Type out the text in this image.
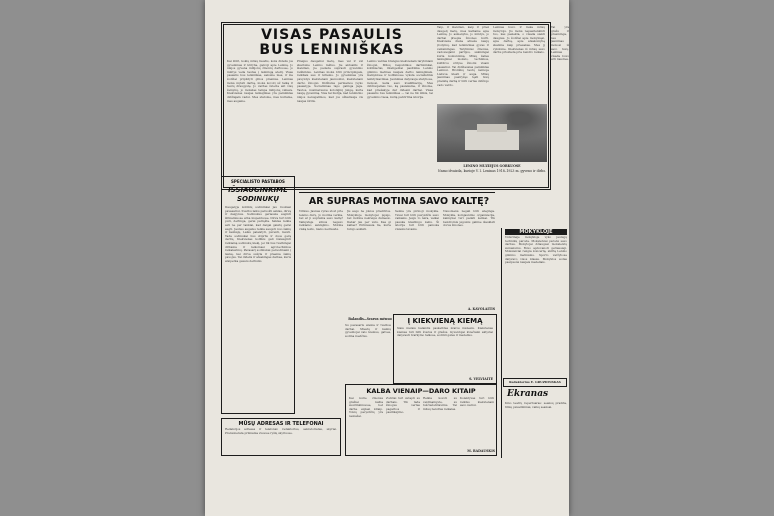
VISAS PASAULIS
BUS LENINIŠKAS
Kai žiūri, kokių mūsų liaudis, koks didelis jos gyvenimas ir kūryba, galvoji apie Leniną. Jo idėjos gyvena milijonų žmonių darbuose, jo mintys veda tautas į laimingą ateitį. Visas pasaulis bus leniniškas, sakome mes, ir šie žodžiai pripildyti gilios prasmės. Leninas mokė mylėti darbą, mokė kovoti už taiką ir tautų draugystę. Jo vardas šviečia ant visų žemynų, jo mokslas tampa milijonų vėliava. Kiekvienas naujas laimėjimas yra paminklas didžiajam vadui. Mes statome, mes kuriame, mes augame.
Praėjus daugeliui metų, mes vėl ir vėl skaitome Lenino raštus. Jie aktualūs ir šiandien, jie padeda suprasti gyvenimo reiškinius. Leninas mokė būti principingais, reikliais sau ir kitiems. Jo gyvenimas yra pavyzdys kiekvienam jaunuoliui, kiekvienam darbo žmogui. Didžiulės permainos įvyko pasaulyje. Socializmas tapo galinga jėga. Tautos, nusimetusios kolonijinį jungą, kuria naują gyvenimą. Visa tai liudija, kad leninizmo idėjos nenugalimos, kad jos užkariauja vis naujas širdis.
Lenino vardas brangus kiekvienam tarybiniam žmogui. Mūsų respublikos darbininkai, kolūkiečiai, inteligentai pasitinka Lenino gimimo metines naujais darbo laimėjimais. Gamyklose ir kolūkiuose vyksta socialistinis lenktyniavimas. Jaunimas dalyvauja statybose, mokosi, kelia savo kvalifikaciją. Mes didžiuojamės tuo, ką pasiekėme, ir žinome, kad priešakyje dar didesni darbai. Visas pasaulis bus leniniškas — tai ne tik šūkis, tai gyvenimo tiesa, kurią patvirtina istorija.
Taip, ir šiandien, kaip ir prieš daugelį metų, mes kalbame apie Leniną. Jo asmenybė, jo mintys, jo darbai įkvepia žmones kurti. Kiekviena diena atneša naujų įrodymų, kad leninizmas gyvas ir veiksmingas. Tarybiniai žmonės, vadovaujami partijos, sėkmingai kuria komunizmą. Mūsų šalies laimėjimai mokslo, technikos, kultūros srityse žinomi visam pasauliui. Tai didžiausias paminklas Leninui. Broliškų tautų šeimoje Lietuva klesti ir auga. Mūsų jaunimas pasiryžęs tęsti tėvų pradėtą darbą ir būti vertas didžiojo vado vardo.
Leninas buvo ir lieka mūsų mokytoju. Jis mokė nepasitenkinti tuo, kas pasiekta, o visada siekti daugiau. Jo žodžiai apie mokymąsi, apie darbą, apie atsakomybę skamba kaip priesakas. Mes jį vykdome. Kiekvienas iš mūsų savo darbu prisideda prie bendro reikalo.
LENINO MUZIEJUS GORKUOSE
Namo išvaizda, kurioje V. I. Leninas 1918–1923 m. gyveno ir dirbo.
Tai yra gražu ir prasminga, nes jaunimas mokosi iš savo tėvų. Leninas visada buvo arti liaudies.
SPECIALISTO PASTABOS
IŠSIAUGINKIME
SODINUKŲ
Daugelyje kolūkių sodininkai jau ruošiasi pavasariui. Svarbu laiku paruošti sėklas, dirvą ir daigynus. Sodinukus geriausia auginti šiltnamiuose arba inspektuose. Dirva turi būti puri, derlinga, gerai patręšta. Sėklas reikia sėti ne per tankiai, kad daigai galėtų gerai augti. Jaunus augalus reikia saugoti nuo šalnų ir kenkėjų. Laiku palaistyti, purenti, ravėti. Tada sodinukai bus stiprūs ir duos gerą derlių. Kiekvienas kolūkis gali išsiauginti reikiamą sodinukų kiekį, jei tik bus tvarkingai dirbama ir laikomasi agrotechnikos reikalavimų. Pavasarį sodinukai persodinami į lauką, kai dirva sušyla ir praeina šalnų pavojus. Tai didelis ir atsakingas darbas, kuris atsiperka gausiu derliumi.
AR SUPRAS MOTINA SAVO KALTĘ?
Vilnius. Jaunas vyras stovi prie teismo durų. Jo motina verkia, bet ar ji supranta savo kaltę? Vaikystėje sūnus negavo reikiamo auklėjimo. Motina viską leido, nieko nedraudė.
Jis augo be jokios priežiūros. Mokykloje mokytojai įspėjo, bet motina nekreipė dėmesio. Dabar jau per vėlu. Kas gi kaltas? Pirmiausia tie, kurie turėjo auklėti.
Šeima yra pirmoji mokykla. Tėvai turi būti pavyzdžiu savo vaikams. Jeigu to nėra, vaikai pasuka klaidingu keliu. Ši istorija turi būti pamoka visiems tėvams.
Visuomenė negali būti abejinga. Mokykla, komjaunimo organizacija, kaimynai turi padėti šeimai. Tik bendromis jėgomis galime išauklėti dorus žmones.
A. KAVOLAITIS
Balandis—švarus mėnuo	Į KIEKVIENĄ KIEMĄ
Su pavasariu ateina ir tvarkos darbai. Miestų ir kaimų gyventojai valo kiemus, gatves, sodina medžius.
Šiais metais balandis paskelbtas švaros mėnesiu. Kiekvienas kiemas turi būti švarus ir gražus. Gyventojai kviečiami aktyviai dalyvauti tvarkymo talkose, sodinti gėles ir medelius.
S. VELVIAITE
KALBA VIENAIP—DARO KITAIP
Kai kurie žmonės gražiai kalba susirinkimuose, bet darbe elgiasi kitaip. Tokių pavyzdžių yra nemažai.
Žodžiai turi sutapti su darbais. Tik tada žmogus vertas pagarbos ir pasitikėjimo.
Reikia kovoti su veidmainyste, su tuščiažodžiavimu. Tai mūsų bendras reikalas.
Kolektyvas turi būti reiklus kiekvienam savo nariui.
M. RADAUSKIS
MŪSŲ ADRESAS IR TELEFONAI
Redakcijos adresas ir telefonai: redaktorius, sekretoriatas, skyriai. Prenumerata priimama visuose ryšių skyriuose.
MOKYKLOJE
Vidurinėje mokykloje vyko jaunųjų technikų paroda. Moksleiviai parodė savo darbus. Mokytojai džiaugėsi moksleivių sumanumu. Buvo apdovanoti geriausieji. Moksleiviai rengia koncertą, skirtą Lenino gimimo metinėms. Sporto varžybose dalyvavo visos klasės. Mokyklos sodas pasipuošė naujais medeliais.
Redaktorius E. GRUZDINSKAS
Ekranas
Kino teatrų repertuaras: seansų pradžia, filmų pavadinimai, vaikų seansai.
